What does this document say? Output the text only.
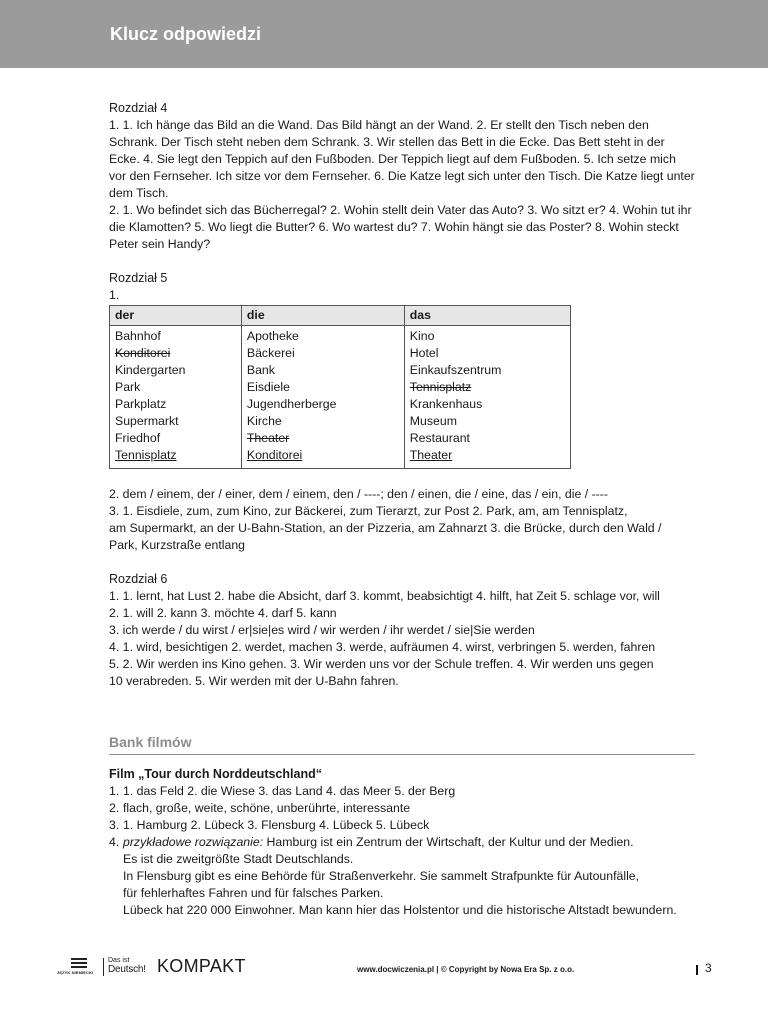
Klucz odpowiedzi
Rozdział 4

1. 1. Ich hänge das Bild an die Wand. Das Bild hängt an der Wand. 2. Er stellt den Tisch neben den Schrank. Der Tisch steht neben dem Schrank. 3. Wir stellen das Bett in die Ecke. Das Bett steht in der Ecke. 4. Sie legt den Teppich auf den Fußboden. Der Teppich liegt auf dem Fußboden. 5. Ich setze mich vor den Fernseher. Ich sitze vor dem Fernseher. 6. Die Katze legt sich unter den Tisch. Die Katze liegt unter dem Tisch.

2. 1. Wo befindet sich das Bücherregal? 2. Wohin stellt dein Vater das Auto? 3. Wo sitzt er? 4. Wohin tut ihr die Klamotten? 5. Wo liegt die Butter? 6. Wo wartest du? 7. Wohin hängt sie das Poster? 8. Wohin steckt Peter sein Handy?

Rozdział 5

1.

der	die	das
Bahnhof	Apotheke	Kino
Konditorei	Bäckerei	Hotel
Kindergarten	Bank	Einkaufszentrum
Park	Eisdiele	Tennisplatz
Parkplatz	Jugendherberge	Krankenhaus
Supermarkt	Kirche	Museum
Friedhof	Theater	Restaurant
Tennisplatz	Konditorei	Theater

2. dem / einem, der / einer, dem / einem, den / ----; den / einen, die / eine, das / ein, die / ----

3. 1. Eisdiele, zum, zum Kino, zur Bäckerei, zum Tierarzt, zur Post 2. Park, am, am Tennisplatz,

am Supermarkt, an der U-Bahn-Station, an der Pizzeria, am Zahnarzt 3. die Brücke, durch den Wald /

Park, Kurzstraße entlang

Rozdział 6

1. 1. lernt, hat Lust 2. habe die Absicht, darf 3. kommt, beabsichtigt 4. hilft, hat Zeit 5. schlage vor, will

2. 1. will 2. kann 3. möchte 4. darf 5. kann

3. ich werde / du wirst / er|sie|es wird / wir werden / ihr werdet / sie|Sie werden

4. 1. wird, besichtigen 2. werdet, machen 3. werde, aufräumen 4. wirst, verbringen 5. werden, fahren

5. 2. Wir werden ins Kino gehen. 3. Wir werden uns vor der Schule treffen. 4. Wir werden uns gegen

10 verabreden. 5. Wir werden mit der U-Bahn fahren.

Bank filmów
Film „Tour durch Norddeutschland“
1. 1. das Feld 2. die Wiese 3. das Land 4. das Meer 5. der Berg
2. flach, große, weite, schöne, unberührte, interessante
3. 1. Hamburg 2. Lübeck 3. Flensburg 4. Lübeck 5. Lübeck
4. przykładowe rozwiązanie: Hamburg ist ein Zentrum der Wirtschaft, der Kultur und der Medien.
Es ist die zweitgrößte Stadt Deutschlands.
In Flensburg gibt es eine Behörde für Straßenverkehr. Sie sammelt Strafpunkte für Autounfälle,
für fehlerhaftes Fahren und für falsches Parken.
Lübeck hat 220 000 Einwohner. Man kann hier das Holstentor und die historische Altstadt bewundern.
JĘZYK NIEMIECKI
Das ist
Deutsch! KOMPAKT	www.docwiczenia.pl | © Copyright by Nowa Era Sp. z o.o.	3
